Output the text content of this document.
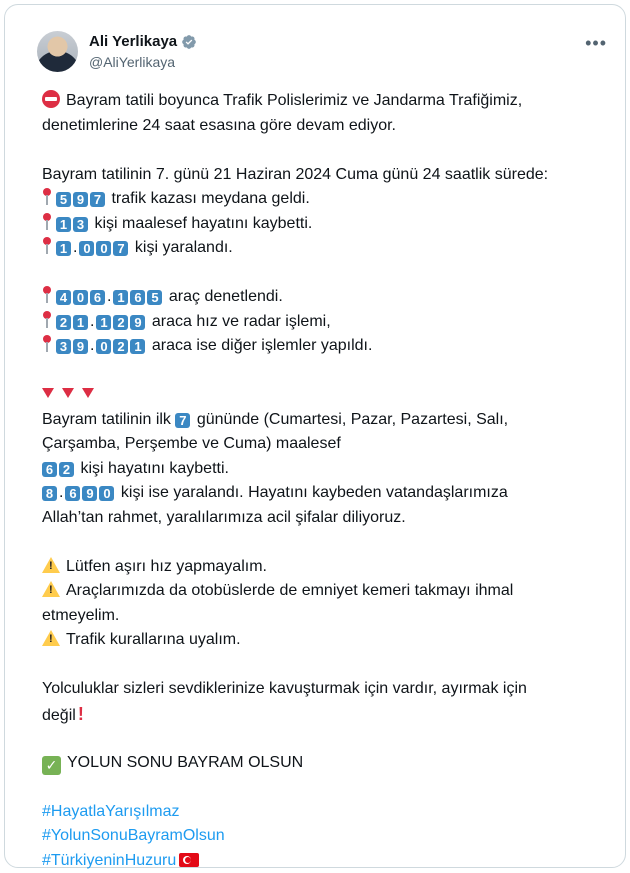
Ali Yerlikaya
@AliYerlikaya
•••
Bayram tatili boyunca Trafik Polislerimiz ve Jandarma Trafiğimiz,
denetimlerine 24 saat esasına göre devam ediyor.
Bayram tatilinin 7. günü 21 Haziran 2024 Cuma günü 24 saatlik sürede:
5 9 7 trafik kazası meydana geldi.
1 3 kişi maalesef hayatını kaybetti.
1 . 0 0 7 kişi yaralandı.
4 0 6 . 1 6 5 araç denetlendi.
2 1 . 1 2 9 araca hız ve radar işlemi,
3 9 . 0 2 1 araca ise diğer işlemler yapıldı.
Bayram tatilinin ilk 7 gününde (Cumartesi, Pazar, Pazartesi, Salı,
Çarşamba, Perşembe ve Cuma) maalesef
6 2 kişi hayatını kaybetti.
8 . 6 9 0 kişi ise yaralandı. Hayatını kaybeden vatandaşlarımıza
Allah’tan rahmet, yaralılarımıza acil şifalar diliyoruz.
!Lütfen aşırı hız yapmayalım.
!Araçlarımızda da otobüslerde de emniyet kemeri takmayı ihmal
etmeyelim.
!Trafik kurallarına uyalım.
Yolculuklar sizleri sevdiklerinize kavuşturmak için vardır, ayırmak için
değil !
✓ YOLUN SONU BAYRAM OLSUN
#HayatlaYarışılmaz
#YolunSonuBayramOlsun
#TürkiyeninHuzuru
